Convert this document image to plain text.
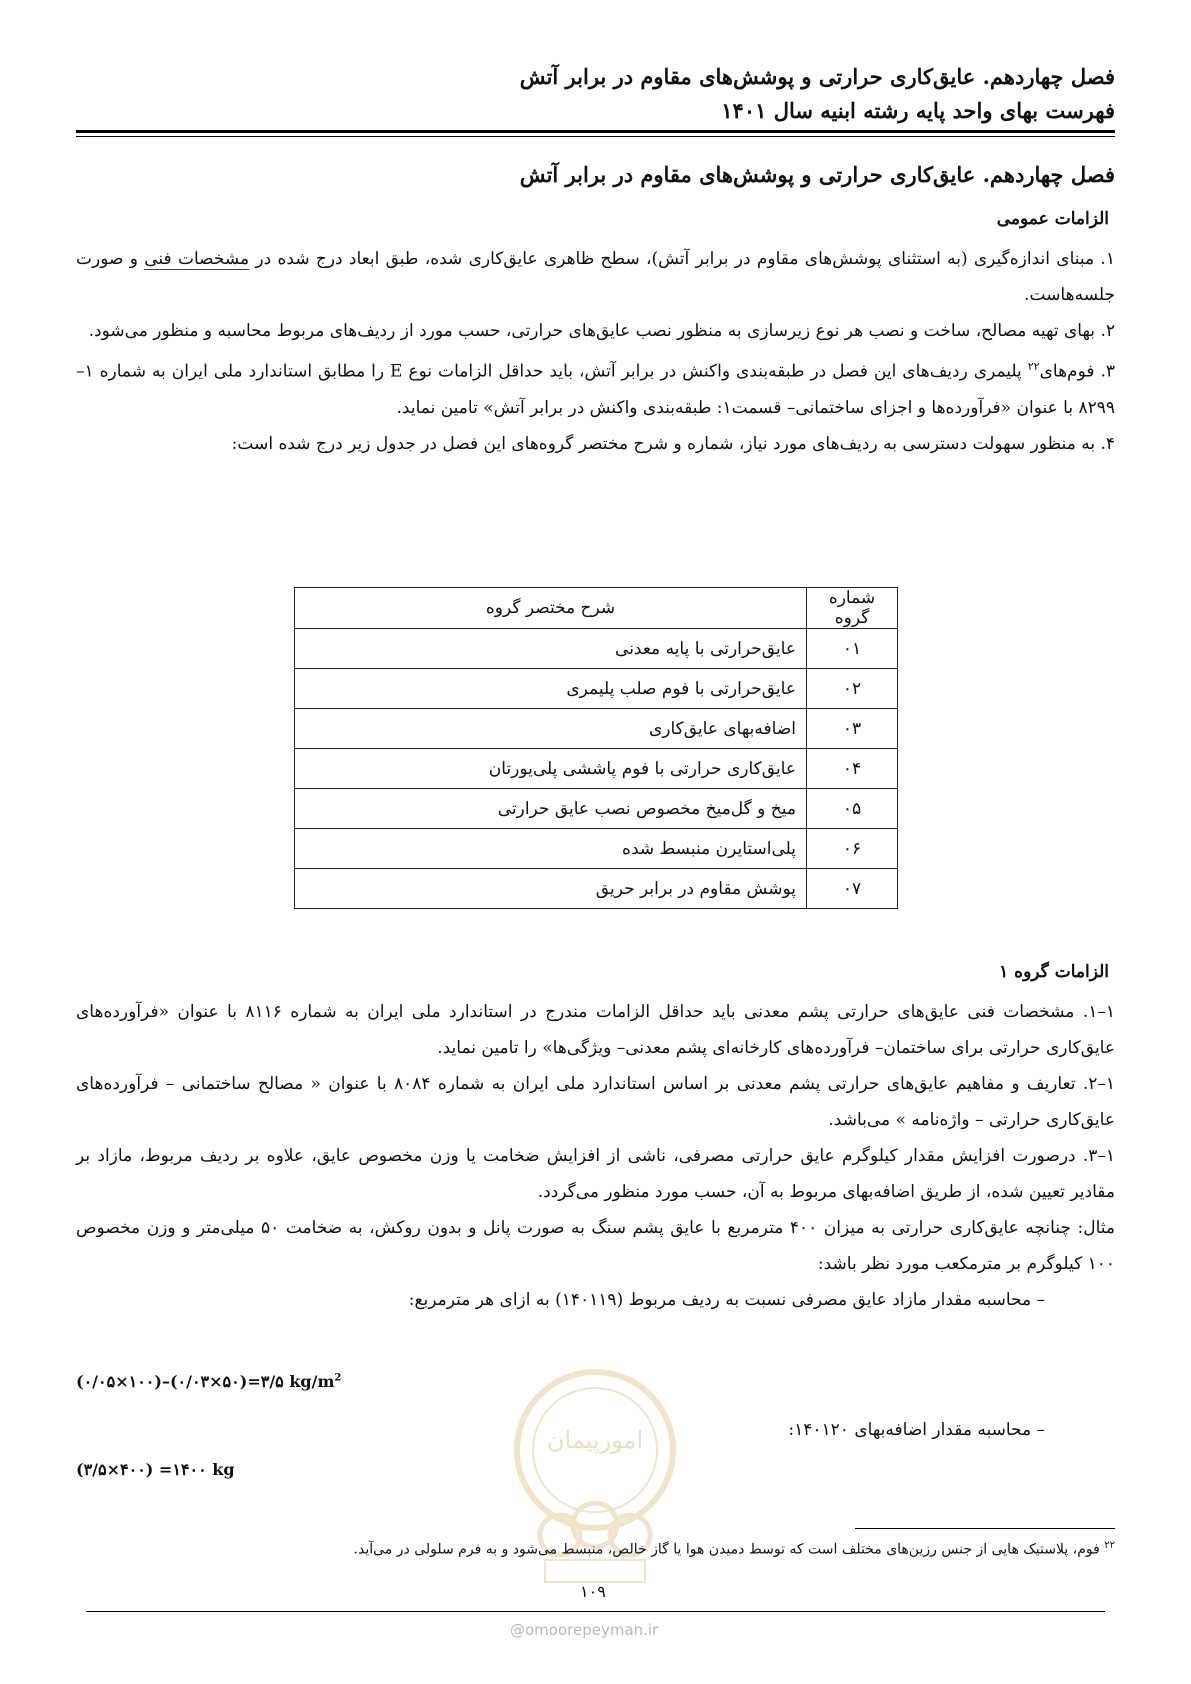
فصل چهاردهم. عایق‌کاری حرارتی و پوشش‌های مقاوم در برابر آتش
فهرست بهای واحد پایه رشته ابنیه سال ۱۴۰۱
فصل چهاردهم. عایق‌کاری حرارتی و پوشش‌های مقاوم در برابر آتش
الزامات عمومی

۱. مبنای اندازه‌گیری (به استثنای پوشش‌های مقاوم در برابر آتش)، سطح ظاهری عایق‌کاری شده، طبق ابعاد درج شده در مشخصات فنی و صورت جلسه‌هاست.

۲. بهای تهیه مصالح، ساخت و نصب هر نوع زیرسازی به منظور نصب عایق‌های حرارتی، حسب مورد از ردیف‌های مربوط محاسبه و منظور می‌شود.

۳. فوم‌های$^{۲۲}$ پلیمری ردیف‌های این فصل در طبقه‌بندی واکنش در برابر آتش، باید حداقل الزامات نوع E را مطابق استاندارد ملی ایران به شماره ۱–۸۲۹۹ با عنوان «فرآورده‌ها و اجزای ساختمانی– قسمت۱: طبقه‌بندی واکنش در برابر آتش» تامین نماید.

۴. به منظور سهولت دسترسی به ردیف‌های مورد نیاز، شماره و شرح مختصر گروه‌های این فصل در جدول زیر درج شده است:

شماره گروه	شرح مختصر گروه
۰۱	عایق‌حرارتی با پایه معدنی
۰۲	عایق‌حرارتی با فوم صلب پلیمری
۰۳	اضافه‌بهای عایق‌کاری
۰۴	عایق‌کاری حرارتی با فوم پاششی پلی‌یورتان
۰۵	میخ و گل‌میخ مخصوص نصب عایق حرارتی
۰۶	پلی‌استایرن منبسط شده
۰۷	پوشش مقاوم در برابر حریق
الزامات گروه ۱

۱–۱. مشخصات فنی عایق‌های حرارتی پشم معدنی باید حداقل الزامات مندرج در استاندارد ملی ایران به شماره ۸۱۱۶ با عنوان «فرآورده‌های عایق‌کاری حرارتی برای ساختمان– فرآورده‌های کارخانه‌ای پشم معدنی– ویژگی‌ها» را تامین نماید.

۱–۲. تعاریف و مفاهیم عایق‌های حرارتی پشم معدنی بر اساس استاندارد ملی ایران به شماره ۸۰۸۴ با عنوان « مصالح ساختمانی – فرآورده‌های عایق‌کاری حرارتی – واژه‌نامه » می‌باشد.

۱–۳. درصورت افزایش مقدار کیلوگرم عایق حرارتی مصرفی، ناشی از افزایش ضخامت یا وزن مخصوص عایق، علاوه بر ردیف مربوط، مازاد بر مقادیر تعیین شده، از طریق اضافه‌بهای مربوط به آن، حسب مورد منظور می‌گردد.

مثال: چنانچه عایق‌کاری حرارتی به میزان ۴۰۰ مترمربع با عایق پشم سنگ به صورت پانل و بدون روکش، به ضخامت ۵۰ میلی‌متر و وزن مخصوص ۱۰۰ کیلوگرم بر مترمکعب مورد نظر باشد:

– محاسبه مقدار مازاد عایق مصرفی نسبت به ردیف مربوط (۱۴۰۱۱۹) به ازای هر مترمربع:

(۰/۰۵×۱۰۰)–(۰/۰۳×۵۰)=۳/۵ $kg/m^2$

– محاسبه مقدار اضافه‌بهای ۱۴۰۱۲۰:

(۳/۵×۴۰۰) =۱۴۰۰ kg
امورپیمان
$^{۲۲}$ فوم، پلاستیک هایی از جنس رزین‌های مختلف است که توسط دمیدن هوا یا گاز خالص، منبسط می‌شود و به فرم سلولی در می‌آید.
۱۰۹
@omoorepeyman.ir
